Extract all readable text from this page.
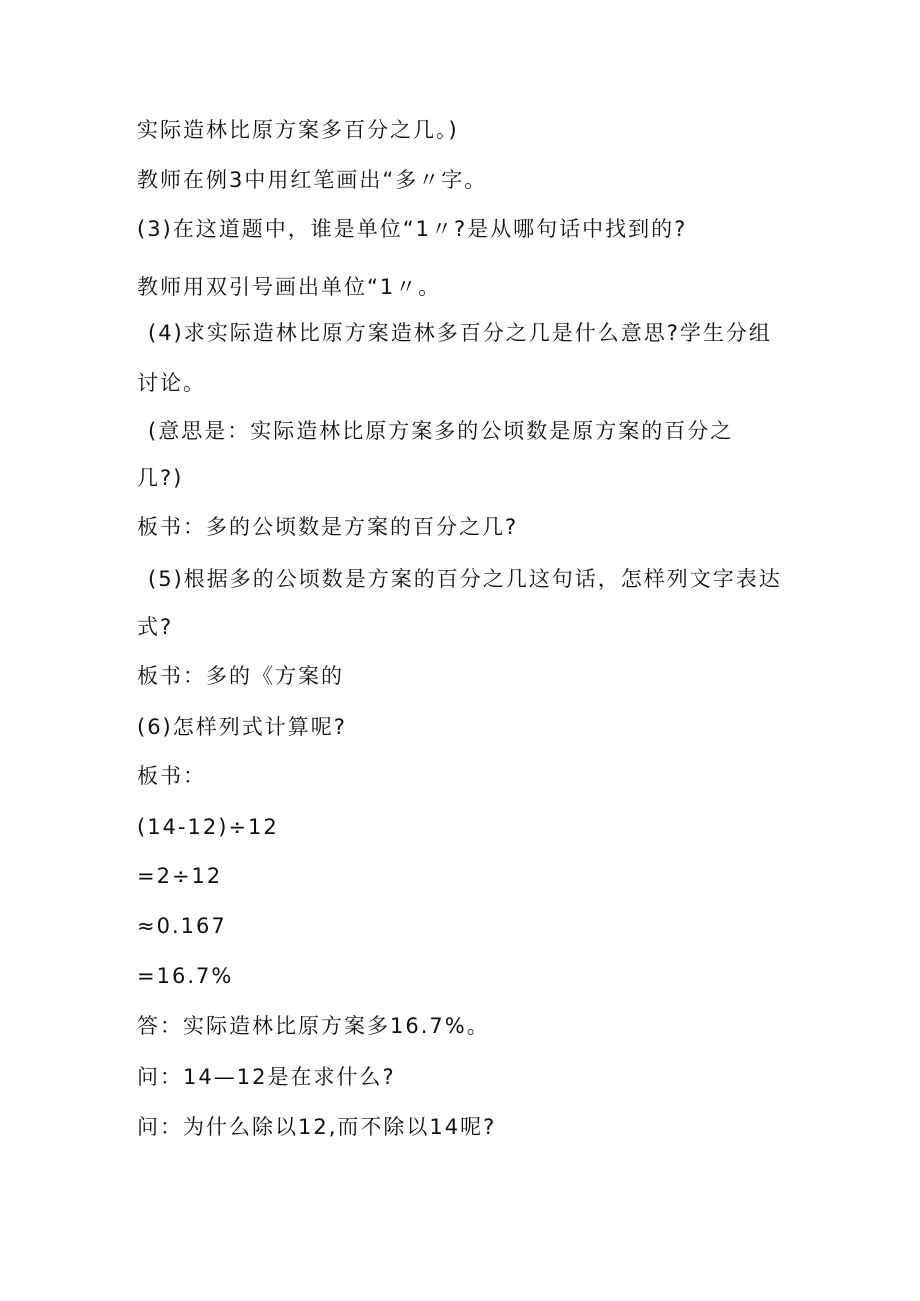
实际造林比原方案多百分之几。)
教师在例3中用红笔画出“多〃字。
(3)在这道题中，谁是单位“1〃?是从哪句话中找到的?
教师用双引号画出单位“1〃。
(4)求实际造林比原方案造林多百分之几是什么意思?学生分组
讨论。
(意思是：实际造林比原方案多的公顷数是原方案的百分之
几?)
板书：多的公顷数是方案的百分之几?
(5)根据多的公顷数是方案的百分之几这句话，怎样列文字表达
式?
板书：多的《方案的
(6)怎样列式计算呢?
板书：
(14-12)÷12
=2÷12
≈0.167
=16.7%
答：实际造林比原方案多16.7%。
问：14—12是在求什么?
问：为什么除以12,而不除以14呢?
